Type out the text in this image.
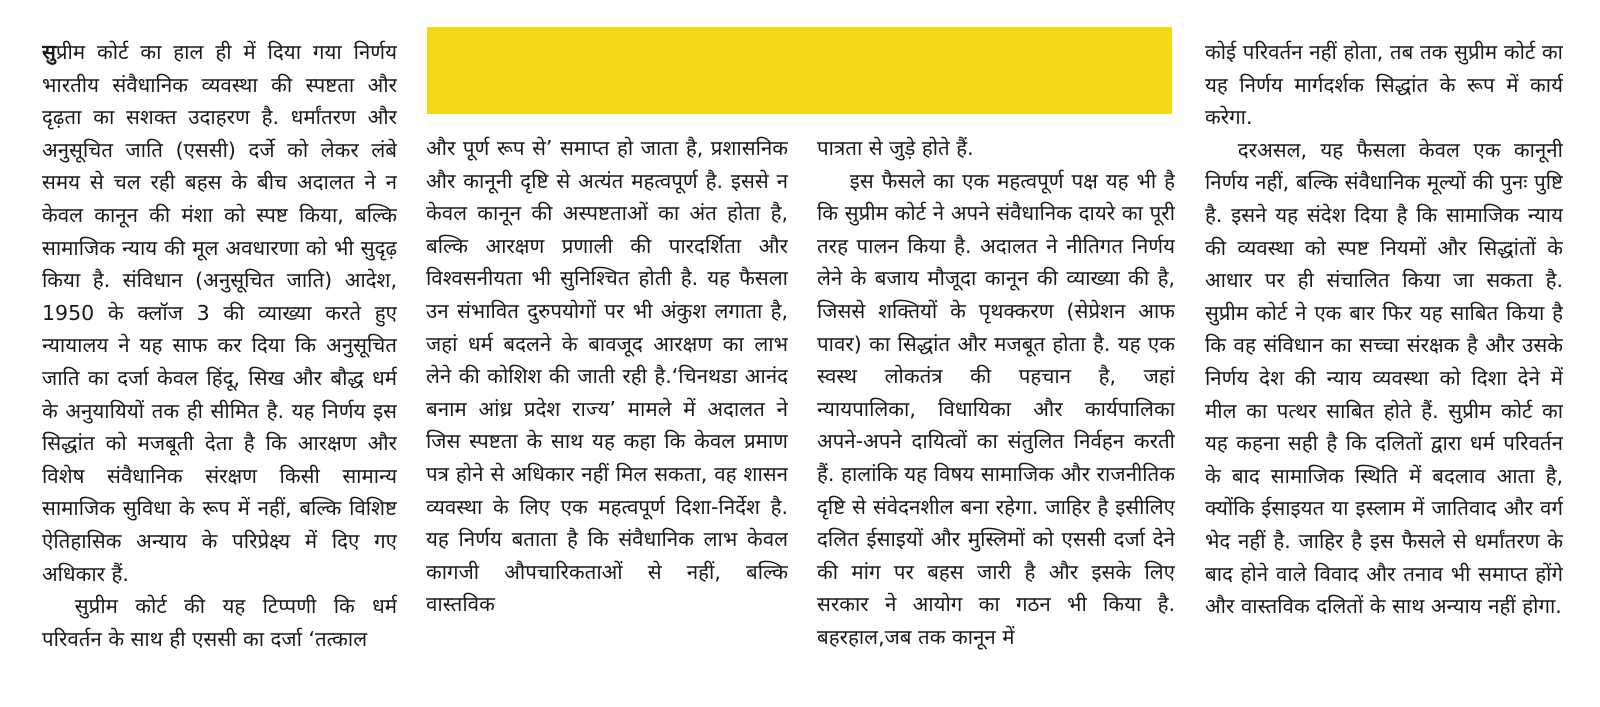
सुप्रीम कोर्ट का हाल ही में दिया गया निर्णय भारतीय संवैधानिक व्यवस्था की स्पष्टता और दृढ़ता का सशक्त उदाहरण है. धर्मांतरण और अनुसूचित जाति (एससी) दर्जे को लेकर लंबे समय से चल रही बहस के बीच अदालत ने न केवल कानून की मंशा को स्पष्ट किया, बल्कि सामाजिक न्याय की मूल अवधारणा को भी सुदृढ़ किया है. संविधान (अनुसूचित जाति) आदेश, 1950 के क्लॉज 3 की व्याख्या करते हुए न्यायालय ने यह साफ कर दिया कि अनुसूचित जाति का दर्जा केवल हिंदू, सिख और बौद्ध धर्म के अनुयायियों तक ही सीमित है. यह निर्णय इस सिद्धांत को मजबूती देता है कि आरक्षण और विशेष संवैधानिक संरक्षण किसी सामान्य सामाजिक सुविधा के रूप में नहीं, बल्कि विशिष्ट ऐतिहासिक अन्याय के परिप्रेक्ष्य में दिए गए अधिकार हैं.

सुप्रीम कोर्ट की यह टिप्पणी कि धर्म परिवर्तन के साथ ही एससी का दर्जा ‘तत्काल

और पूर्ण रूप से’ समाप्त हो जाता है, प्रशासनिक और कानूनी दृष्टि से अत्यंत महत्वपूर्ण है. इससे न केवल कानून की अस्पष्टताओं का अंत होता है, बल्कि आरक्षण प्रणाली की पारदर्शिता और विश्वसनीयता भी सुनिश्चित होती है. यह फैसला उन संभावित दुरुपयोगों पर भी अंकुश लगाता है, जहां धर्म बदलने के बावजूद आरक्षण का लाभ लेने की कोशिश की जाती रही है.‘चिनथडा आनंद बनाम आंध्र प्रदेश राज्य’ मामले में अदालत ने जिस स्पष्टता के साथ यह कहा कि केवल प्रमाण पत्र होने से अधिकार नहीं मिल सकता, वह शासन व्यवस्था के लिए एक महत्वपूर्ण दिशा-निर्देश है. यह निर्णय बताता है कि संवैधानिक लाभ केवल कागजी औपचारिकताओं से नहीं, बल्कि वास्तविक

पात्रता से जुड़े होते हैं.

इस फैसले का एक महत्वपूर्ण पक्ष यह भी है कि सुप्रीम कोर्ट ने अपने संवैधानिक दायरे का पूरी तरह पालन किया है. अदालत ने नीतिगत निर्णय लेने के बजाय मौजूदा कानून की व्याख्या की है, जिससे शक्तियों के पृथक्करण (सेप्रेशन आफ पावर) का सिद्धांत और मजबूत होता है. यह एक स्वस्थ लोकतंत्र की पहचान है, जहां न्यायपालिका, विधायिका और कार्यपालिका अपने-अपने दायित्वों का संतुलित निर्वहन करती हैं. हालांकि यह विषय सामाजिक और राजनीतिक दृष्टि से संवेदनशील बना रहेगा. जाहिर है इसीलिए दलित ईसाइयों और मुस्लिमों को एससी दर्जा देने की मांग पर बहस जारी है और इसके लिए सरकार ने आयोग का गठन भी किया है. बहरहाल,जब तक कानून में

कोई परिवर्तन नहीं होता, तब तक सुप्रीम कोर्ट का यह निर्णय मार्गदर्शक सिद्धांत के रूप में कार्य करेगा.

दरअसल, यह फैसला केवल एक कानूनी निर्णय नहीं, बल्कि संवैधानिक मूल्यों की पुनः पुष्टि है. इसने यह संदेश दिया है कि सामाजिक न्याय की व्यवस्था को स्पष्ट नियमों और सिद्धांतों के आधार पर ही संचालित किया जा सकता है. सुप्रीम कोर्ट ने एक बार फिर यह साबित किया है कि वह संविधान का सच्चा संरक्षक है और उसके निर्णय देश की न्याय व्यवस्था को दिशा देने में मील का पत्थर साबित होते हैं. सुप्रीम कोर्ट का यह कहना सही है कि दलितों द्वारा धर्म परिवर्तन के बाद सामाजिक स्थिति में बदलाव आता है, क्योंकि ईसाइयत या इस्लाम में जातिवाद और वर्ग भेद नहीं है. जाहिर है इस फैसले से धर्मांतरण के बाद होने वाले विवाद और तनाव भी समाप्त होंगे और वास्तविक दलितों के साथ अन्याय नहीं होगा.
